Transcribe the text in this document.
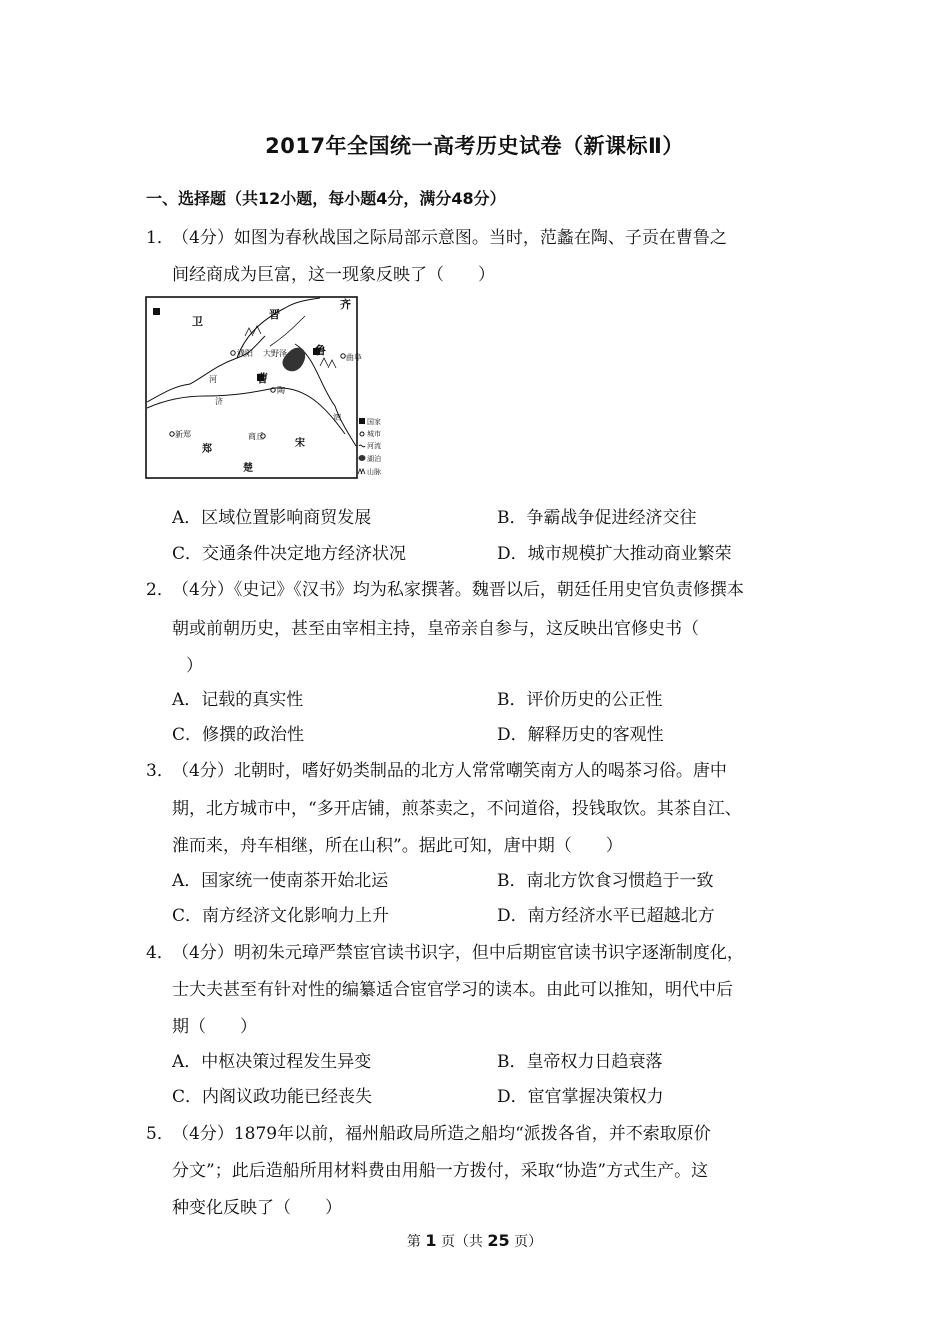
2017年全国统一高考历史试卷（新课标Ⅱ）
一、选择题（共12小题，每小题4分，满分48分）
1．
（4分）如图为春秋战国之际局部示意图。当时，范蠡在陶、子贡在曹鲁之
间经商成为巨富，这一现象反映了（　　）
卫
齐
晋
鲁
濮阳 大野泽
曹
陶
曲阜
新郑
郑
商丘
宋
楚
河
济
泗	国家
城市
河流
湖泊
山脉
A．区域位置影响商贸发展	B．争霸战争促进经济交往
C．交通条件决定地方经济状况	D．城市规模扩大推动商业繁荣
2．
（4分）《史记》《汉书》均为私家撰著。魏晋以后，朝廷任用史官负责修撰本
朝或前朝历史，甚至由宰相主持，皇帝亲自参与，这反映出官修史书（
）
A．记载的真实性	B．评价历史的公正性
C．修撰的政治性	D．解释历史的客观性
3．
（4分）北朝时，嗜好奶类制品的北方人常常嘲笑南方人的喝茶习俗。唐中
期，北方城市中，“多开店铺，煎茶卖之，不问道俗，投钱取饮。其茶自江、
淮而来，舟车相继，所在山积”。据此可知，唐中期（　　）
A．国家统一使南茶开始北运	B．南北方饮食习惯趋于一致
C．南方经济文化影响力上升	D．南方经济水平已超越北方
4．
（4分）明初朱元璋严禁宦官读书识字，但中后期宦官读书识字逐渐制度化，
士大夫甚至有针对性的编纂适合宦官学习的读本。由此可以推知，明代中后
期（　　）
A．中枢决策过程发生异变	B．皇帝权力日趋衰落
C．内阁议政功能已经丧失	D．宦官掌握决策权力
5．
（4分）1879年以前，福州船政局所造之船均“派拨各省，并不索取原价
分文”；此后造船所用材料费由用船一方拨付，采取“协造”方式生产。这
种变化反映了（　　）
第 1 页（共 25 页）
